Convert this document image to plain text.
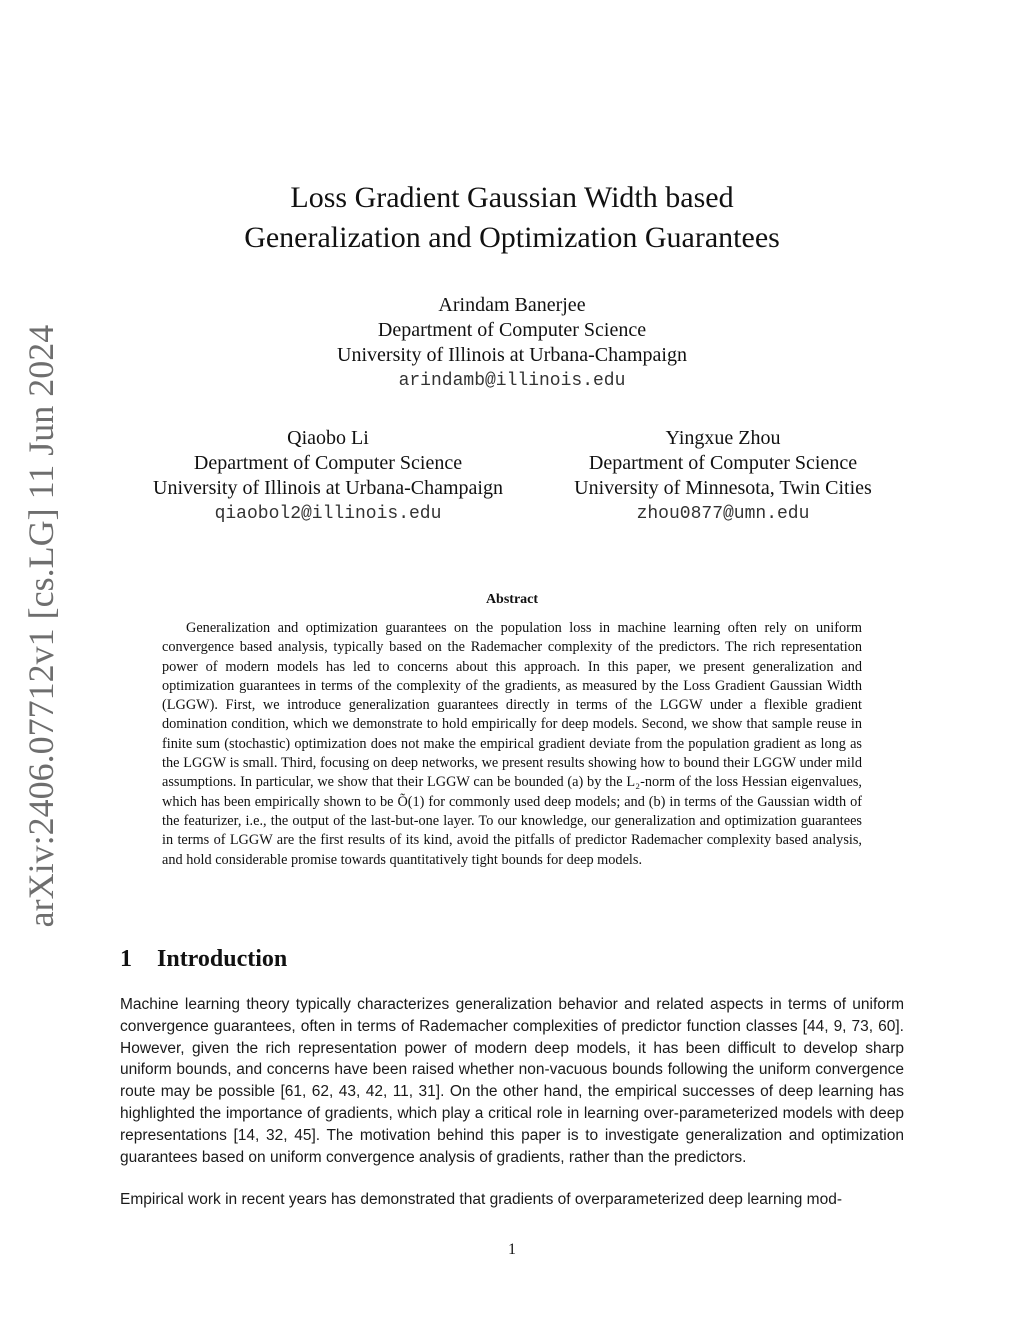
arXiv:2406.07712v1 [cs.LG] 11 Jun 2024
Loss Gradient Gaussian Width based
Generalization and Optimization Guarantees
Arindam Banerjee
Department of Computer Science
University of Illinois at Urbana-Champaign
arindamb@illinois.edu
Qiaobo Li
Department of Computer Science
University of Illinois at Urbana-Champaign
qiaobol2@illinois.edu
Yingxue Zhou
Department of Computer Science
University of Minnesota, Twin Cities
zhou0877@umn.edu
Abstract
Generalization and optimization guarantees on the population loss in machine learning often rely on uniform convergence based analysis, typically based on the Rademacher complexity of the predictors. The rich representation power of modern models has led to concerns about this approach. In this paper, we present generalization and optimization guarantees in terms of the complexity of the gradients, as measured by the Loss Gradient Gaussian Width (LGGW). First, we introduce generalization guarantees directly in terms of the LGGW under a flexible gradient domination condition, which we demonstrate to hold empirically for deep models. Second, we show that sample reuse in finite sum (stochastic) optimization does not make the empirical gradient deviate from the population gradient as long as the LGGW is small. Third, focusing on deep networks, we present results showing how to bound their LGGW under mild assumptions. In particular, we show that their LGGW can be bounded (a) by the L₂-norm of the loss Hessian eigenvalues, which has been empirically shown to be Õ(1) for commonly used deep models; and (b) in terms of the Gaussian width of the featurizer, i.e., the output of the last-but-one layer. To our knowledge, our generalization and optimization guarantees in terms of LGGW are the first results of its kind, avoid the pitfalls of predictor Rademacher complexity based analysis, and hold considerable promise towards quantitatively tight bounds for deep models.
1 Introduction
Machine learning theory typically characterizes generalization behavior and related aspects in terms of uniform convergence guarantees, often in terms of Rademacher complexities of predictor function classes [44, 9, 73, 60]. However, given the rich representation power of modern deep models, it has been difficult to develop sharp uniform bounds, and concerns have been raised whether non-vacuous bounds following the uniform convergence route may be possible [61, 62, 43, 42, 11, 31]. On the other hand, the empirical successes of deep learning has highlighted the importance of gradients, which play a critical role in learning over-parameterized models with deep representations [14, 32, 45]. The motivation behind this paper is to investigate generalization and optimization guarantees based on uniform convergence analysis of gradients, rather than the predictors.
Empirical work in recent years has demonstrated that gradients of overparameterized deep learning mod-
1
